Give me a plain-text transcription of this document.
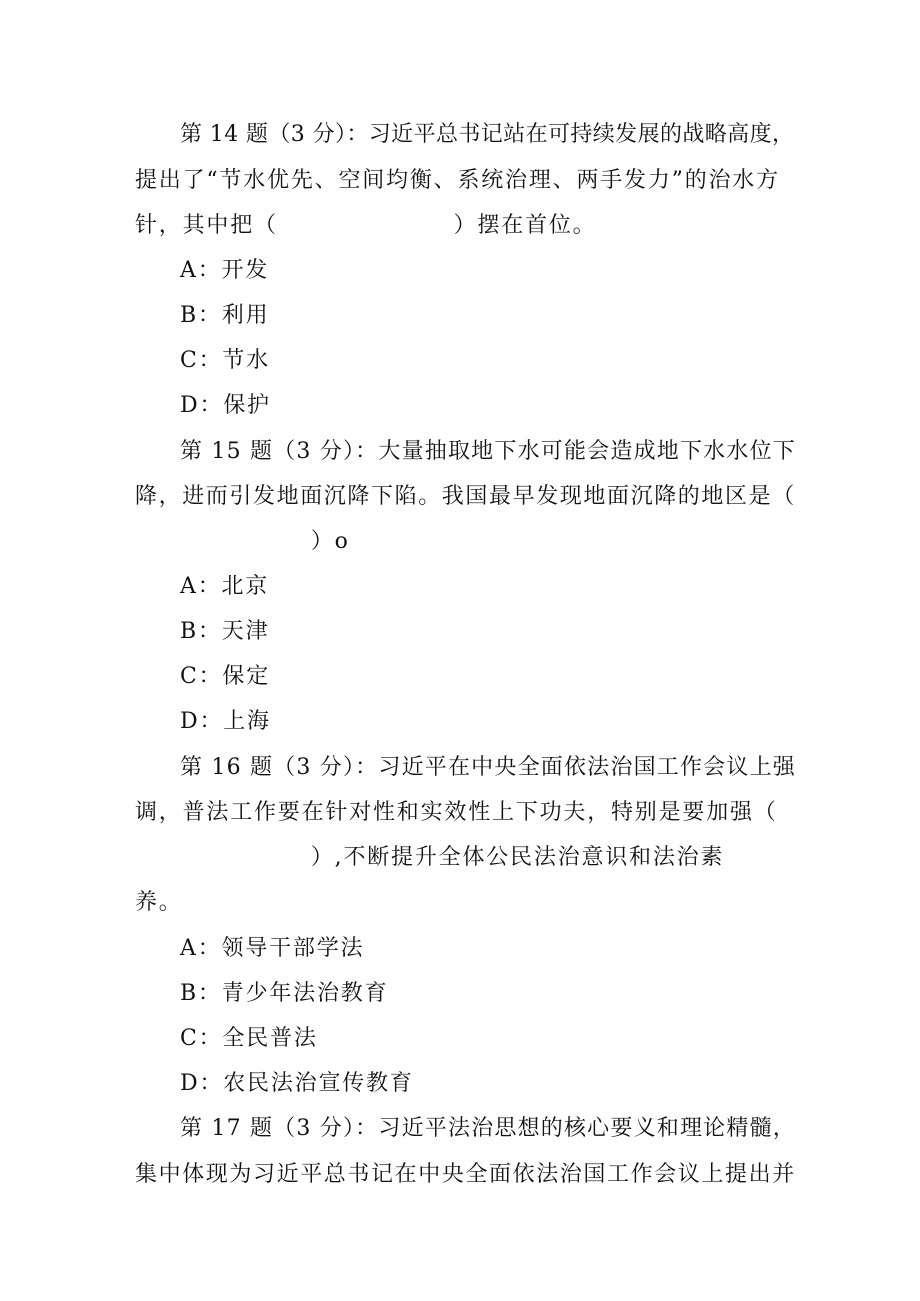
第 14 题（3 分）：习近平总书记站在可持续发展的战略高度，
提出了“节水优先、空间均衡、系统治理、两手发力”的治水方
针，其中把（                    ）摆在首位。
A：开发
B：利用
C：节水
D：保护
第 15 题（3 分）：大量抽取地下水可能会造成地下水水位下
降，进而引发地面沉降下陷。我国最早发现地面沉降的地区是（
）o
A：北京
B：天津
C：保定
D：上海
第 16 题（3 分）：习近平在中央全面依法治国工作会议上强
调，普法工作要在针对性和实效性上下功夫，特别是要加强（
）,不断提升全体公民法治意识和法治素
养。
A：领导干部学法
B：青少年法治教育
C：全民普法
D：农民法治宣传教育
第 17 题（3 分）：习近平法治思想的核心要义和理论精髓，
集中体现为习近平总书记在中央全面依法治国工作会议上提出并
